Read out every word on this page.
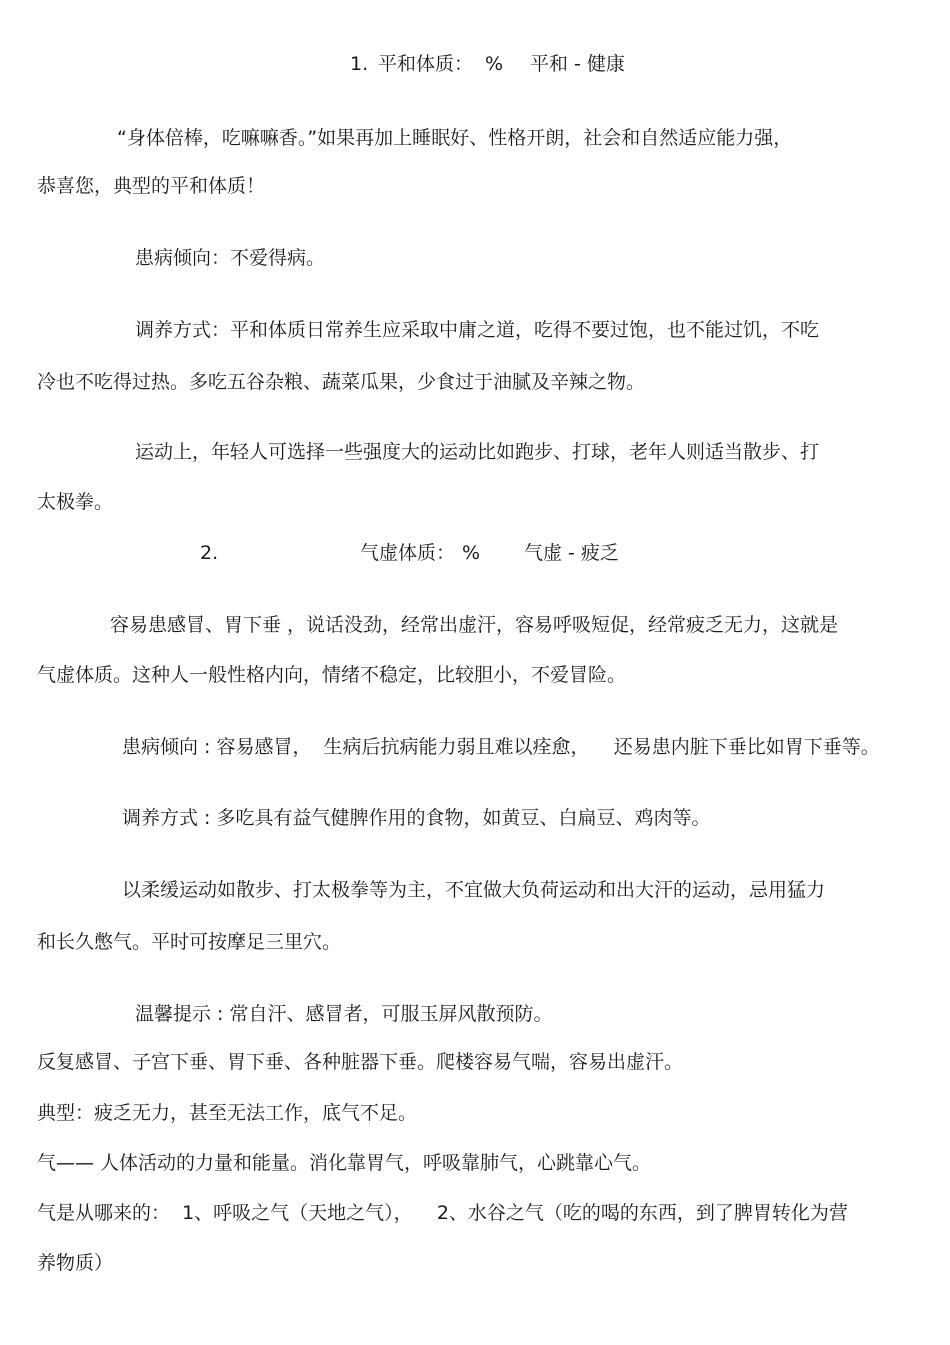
1. 平和体质： % 平和 - 健康
“身体倍棒，吃嘛嘛香。”如果再加上睡眠好、性格开朗，社会和自然适应能力强，
恭喜您，典型的平和体质！
患病倾向：不爱得病。
调养方式：平和体质日常养生应采取中庸之道，吃得不要过饱，也不能过饥，不吃
冷也不吃得过热。多吃五谷杂粮、蔬菜瓜果，少食过于油腻及辛辣之物。
运动上，年轻人可选择一些强度大的运动比如跑步、打球，老年人则适当散步、打
太极拳。
2.	气虚体质： % 气虚 - 疲乏
容易患感冒、胃下垂 ，说话没劲，经常出虚汗，容易呼吸短促，经常疲乏无力，这就是
气虚体质。这种人一般性格内向，情绪不稳定，比较胆小，不爱冒险。
患病倾向 : 容易感冒，  生病后抗病能力弱且难以痊愈，    还易患内脏下垂比如胃下垂等。
调养方式 : 多吃具有益气健脾作用的食物，如黄豆、白扁豆、鸡肉等。
以柔缓运动如散步、打太极拳等为主，不宜做大负荷运动和出大汗的运动，忌用猛力
和长久憋气。平时可按摩足三里穴。
温馨提示 : 常自汗、感冒者，可服玉屏风散预防。
反复感冒、子宫下垂、胃下垂、各种脏器下垂。爬楼容易气喘，容易出虚汗。
典型：疲乏无力，甚至无法工作，底气不足。
气—— 人体活动的力量和能量。消化靠胃气，呼吸靠肺气，心跳靠心气。
气是从哪来的：  1、呼吸之气（天地之气），    2、水谷之气（吃的喝的东西，到了脾胃转化为营
养物质）
